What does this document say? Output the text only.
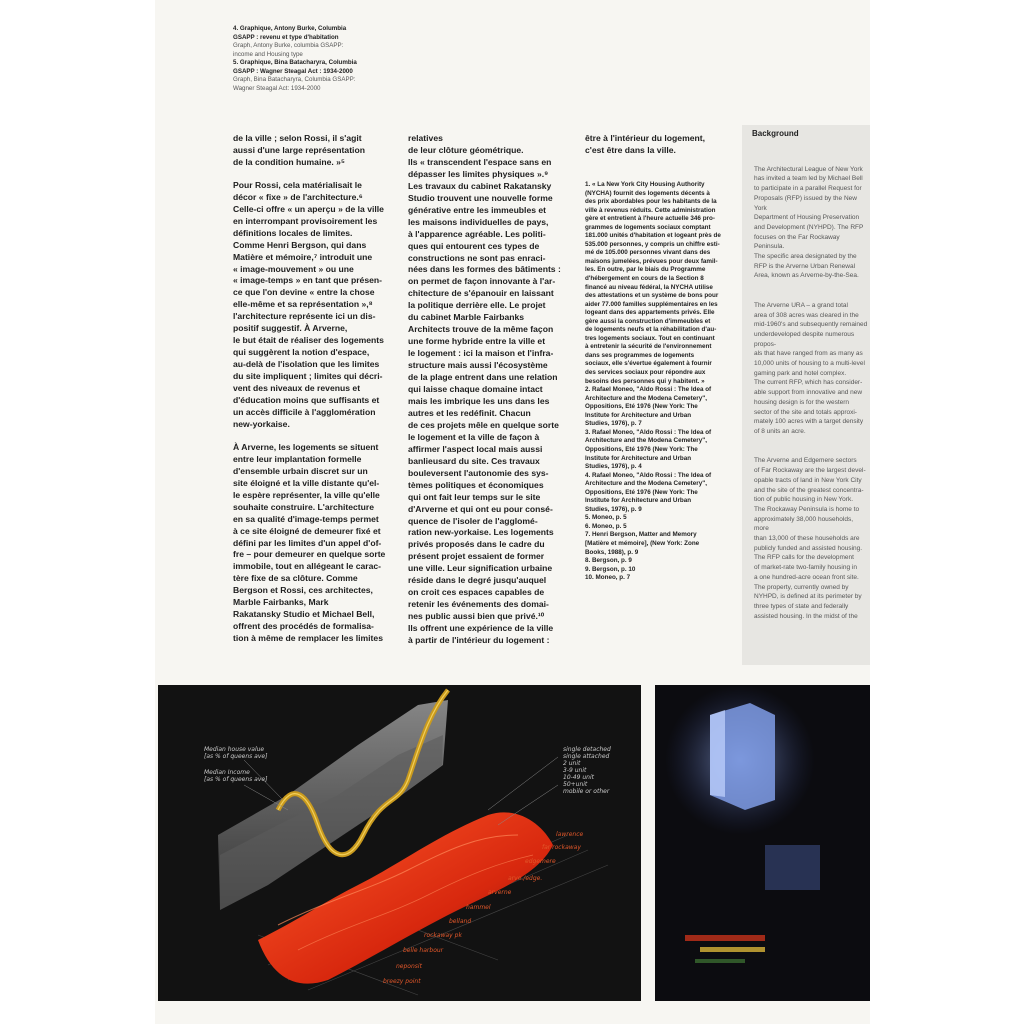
4. Graphique, Antony Burke, Columbia
GSAPP : revenu et type d'habitation
Graph, Antony Burke, columbia GSAPP:
income and Housing type
5. Graphique, Bina Batacharyra, Columbia
GSAPP : Wagner Steagal Act : 1934-2000
Graph, Bina Batacharyra, Columbia GSAPP:
Wagner Steagal Act: 1934-2000

de la ville ; selon Rossi, il s'agit
aussi d'une large représentation
de la condition humaine. »⁵

Pour Rossi, cela matérialisait le
décor « fixe » de l'architecture.⁶
Celle-ci offre « un aperçu » de la ville
en interrompant provisoirement les
définitions locales de limites.
Comme Henri Bergson, qui dans
Matière et mémoire,⁷ introduit une
« image-mouvement » ou une
« image-temps » en tant que présen-
ce que l'on devine « entre la chose
elle-même et sa représentation »,⁸
l'architecture représente ici un dis-
positif suggestif. À Arverne,
le but était de réaliser des logements
qui suggèrent la notion d'espace,
au-delà de l'isolation que les limites
du site impliquent ; limites qui décri-
vent des niveaux de revenus et
d'éducation moins que suffisants et
un accès difficile à l'agglomération
new-yorkaise.

À Arverne, les logements se situent
entre leur implantation formelle
d'ensemble urbain discret sur un
site éloigné et la ville distante qu'el-
le espère représenter, la ville qu'elle
souhaite construire. L'architecture
en sa qualité d'image-temps permet
à ce site éloigné de demeurer fixé et
défini par les limites d'un appel d'of-
fre – pour demeurer en quelque sorte
immobile, tout en allégeant le carac-
tère fixe de sa clôture. Comme
Bergson et Rossi, ces architectes,
Marble Fairbanks, Mark
Rakatansky Studio et Michael Bell,
offrent des procédés de formalisa-
tion à même de remplacer les limites

relatives
de leur clôture géométrique.
Ils « transcendent l'espace sans en
dépasser les limites physiques ».⁹
Les travaux du cabinet Rakatansky
Studio trouvent une nouvelle forme
générative entre les immeubles et
les maisons individuelles de pays,
à l'apparence agréable. Les politi-
ques qui entourent ces types de
constructions ne sont pas enraci-
nées dans les formes des bâtiments :
on permet de façon innovante à l'ar-
chitecture de s'épanouir en laissant
la politique derrière elle. Le projet
du cabinet Marble Fairbanks
Architects trouve de la même façon
une forme hybride entre la ville et
le logement : ici la maison et l'infra-
structure mais aussi l'écosystème
de la plage entrent dans une relation
qui laisse chaque domaine intact
mais les imbrique les uns dans les
autres et les redéfinit. Chacun
de ces projets mêle en quelque sorte
le logement et la ville de façon à
affirmer l'aspect local mais aussi
banlieusard du site. Ces travaux
bouleversent l'autonomie des sys-
tèmes politiques et économiques
qui ont fait leur temps sur le site
d'Arverne et qui ont eu pour consé-
quence de l'isoler de l'agglomé-
ration new-yorkaise. Les logements
privés proposés dans le cadre du
présent projet essaient de former
une ville. Leur signification urbaine
réside dans le degré jusqu'auquel
on croit ces espaces capables de
retenir les événements des domai-
nes public aussi bien que privé.¹⁰
Ils offrent une expérience de la ville
à partir de l'intérieur du logement :

être à l'intérieur du logement,
c'est être dans la ville.

1. « La New York City Housing Authority
(NYCHA) fournit des logements décents à
des prix abordables pour les habitants de la
ville à revenus réduits. Cette administration
gère et entretient à l'heure actuelle 346 pro-
grammes de logements sociaux comptant
181.000 unités d'habitation et logeant près de
535.000 personnes, y compris un chiffre esti-
mé de 105.000 personnes vivant dans des
maisons jumelées, prévues pour deux famil-
les. En outre, par le biais du Programme
d'hébergement en cours de la Section 8
financé au niveau fédéral, la NYCHA utilise
des attestations et un système de bons pour
aider 77.000 familles supplémentaires en les
logeant dans des appartements privés. Elle
gère aussi la construction d'immeubles et
de logements neufs et la réhabilitation d'au-
tres logements sociaux. Tout en continuant
à entretenir la sécurité de l'environnement
dans ses programmes de logements
sociaux, elle s'évertue également à fournir
des services sociaux pour répondre aux
besoins des personnes qui y habitent. »
2. Rafael Moneo, "Aldo Rossi : The Idea of
Architecture and the Modena Cemetery",
Oppositions, Eté 1976 (New York: The
Institute for Architecture and Urban
Studies, 1976), p. 7
3. Rafael Moneo, "Aldo Rossi : The Idea of
Architecture and the Modena Cemetery",
Oppositions, Eté 1976 (New York: The
Institute for Architecture and Urban
Studies, 1976), p. 4
4. Rafael Moneo, "Aldo Rossi : The Idea of
Architecture and the Modena Cemetery",
Oppositions, Eté 1976 (New York: The
Institute for Architecture and Urban
Studies, 1976), p. 9
5. Moneo, p. 5
6. Moneo, p. 5
7. Henri Bergson, Matter and Memory
[Matière et mémoire], (New York: Zone
Books, 1988), p. 9
8. Bergson, p. 9
9. Bergson, p. 10
10. Moneo, p. 7
Background

The Architectural League of New York
has invited a team led by Michael Bell
to participate in a parallel Request for
Proposals (RFP) issued by the New York
Department of Housing Preservation
and Development (NYHPD). The RFP
focuses on the Far Rockaway Peninsula.
The specific area designated by the
RFP is the Arverne Urban Renewal
Area, known as Arverne-by-the-Sea.

The Arverne URA – a grand total
area of 308 acres was cleared in the
mid-1960's and subsequently remained
underdeveloped despite numerous propos-
als that have ranged from as many as
10,000 units of housing to a multi-level
gaming park and hotel complex.
The current RFP, which has consider-
able support from innovative and new
housing design is for the western
sector of the site and totals approxi-
mately 100 acres with a target density
of 8 units an acre.

The Arverne and Edgemere sectors
of Far Rockaway are the largest devel-
opable tracts of land in New York City
and the site of the greatest concentra-
tion of public housing in New York.
The Rockaway Peninsula is home to
approximately 38,000 households, more
than 13,000 of these households are
publicly funded and assisted housing.
The RFP calls for the development
of market-rate two-family housing in
a one hundred-acre ocean front site.
The property, currently owned by
NYHPD, is defined at its perimeter by
three types of state and federally
assisted housing. In the midst of the

Median house value
[as % of queens ave]
Median Income
[as % of queens ave]
single detached
single attached
2 unit
3-9 unit
10-49 unit
50+unit
mobile or other
lawrence
far rockaway
edgemere
arve./edge.
arverne
hammel
belland
rockaway pk
belle harbour
neponsit
breezy point
